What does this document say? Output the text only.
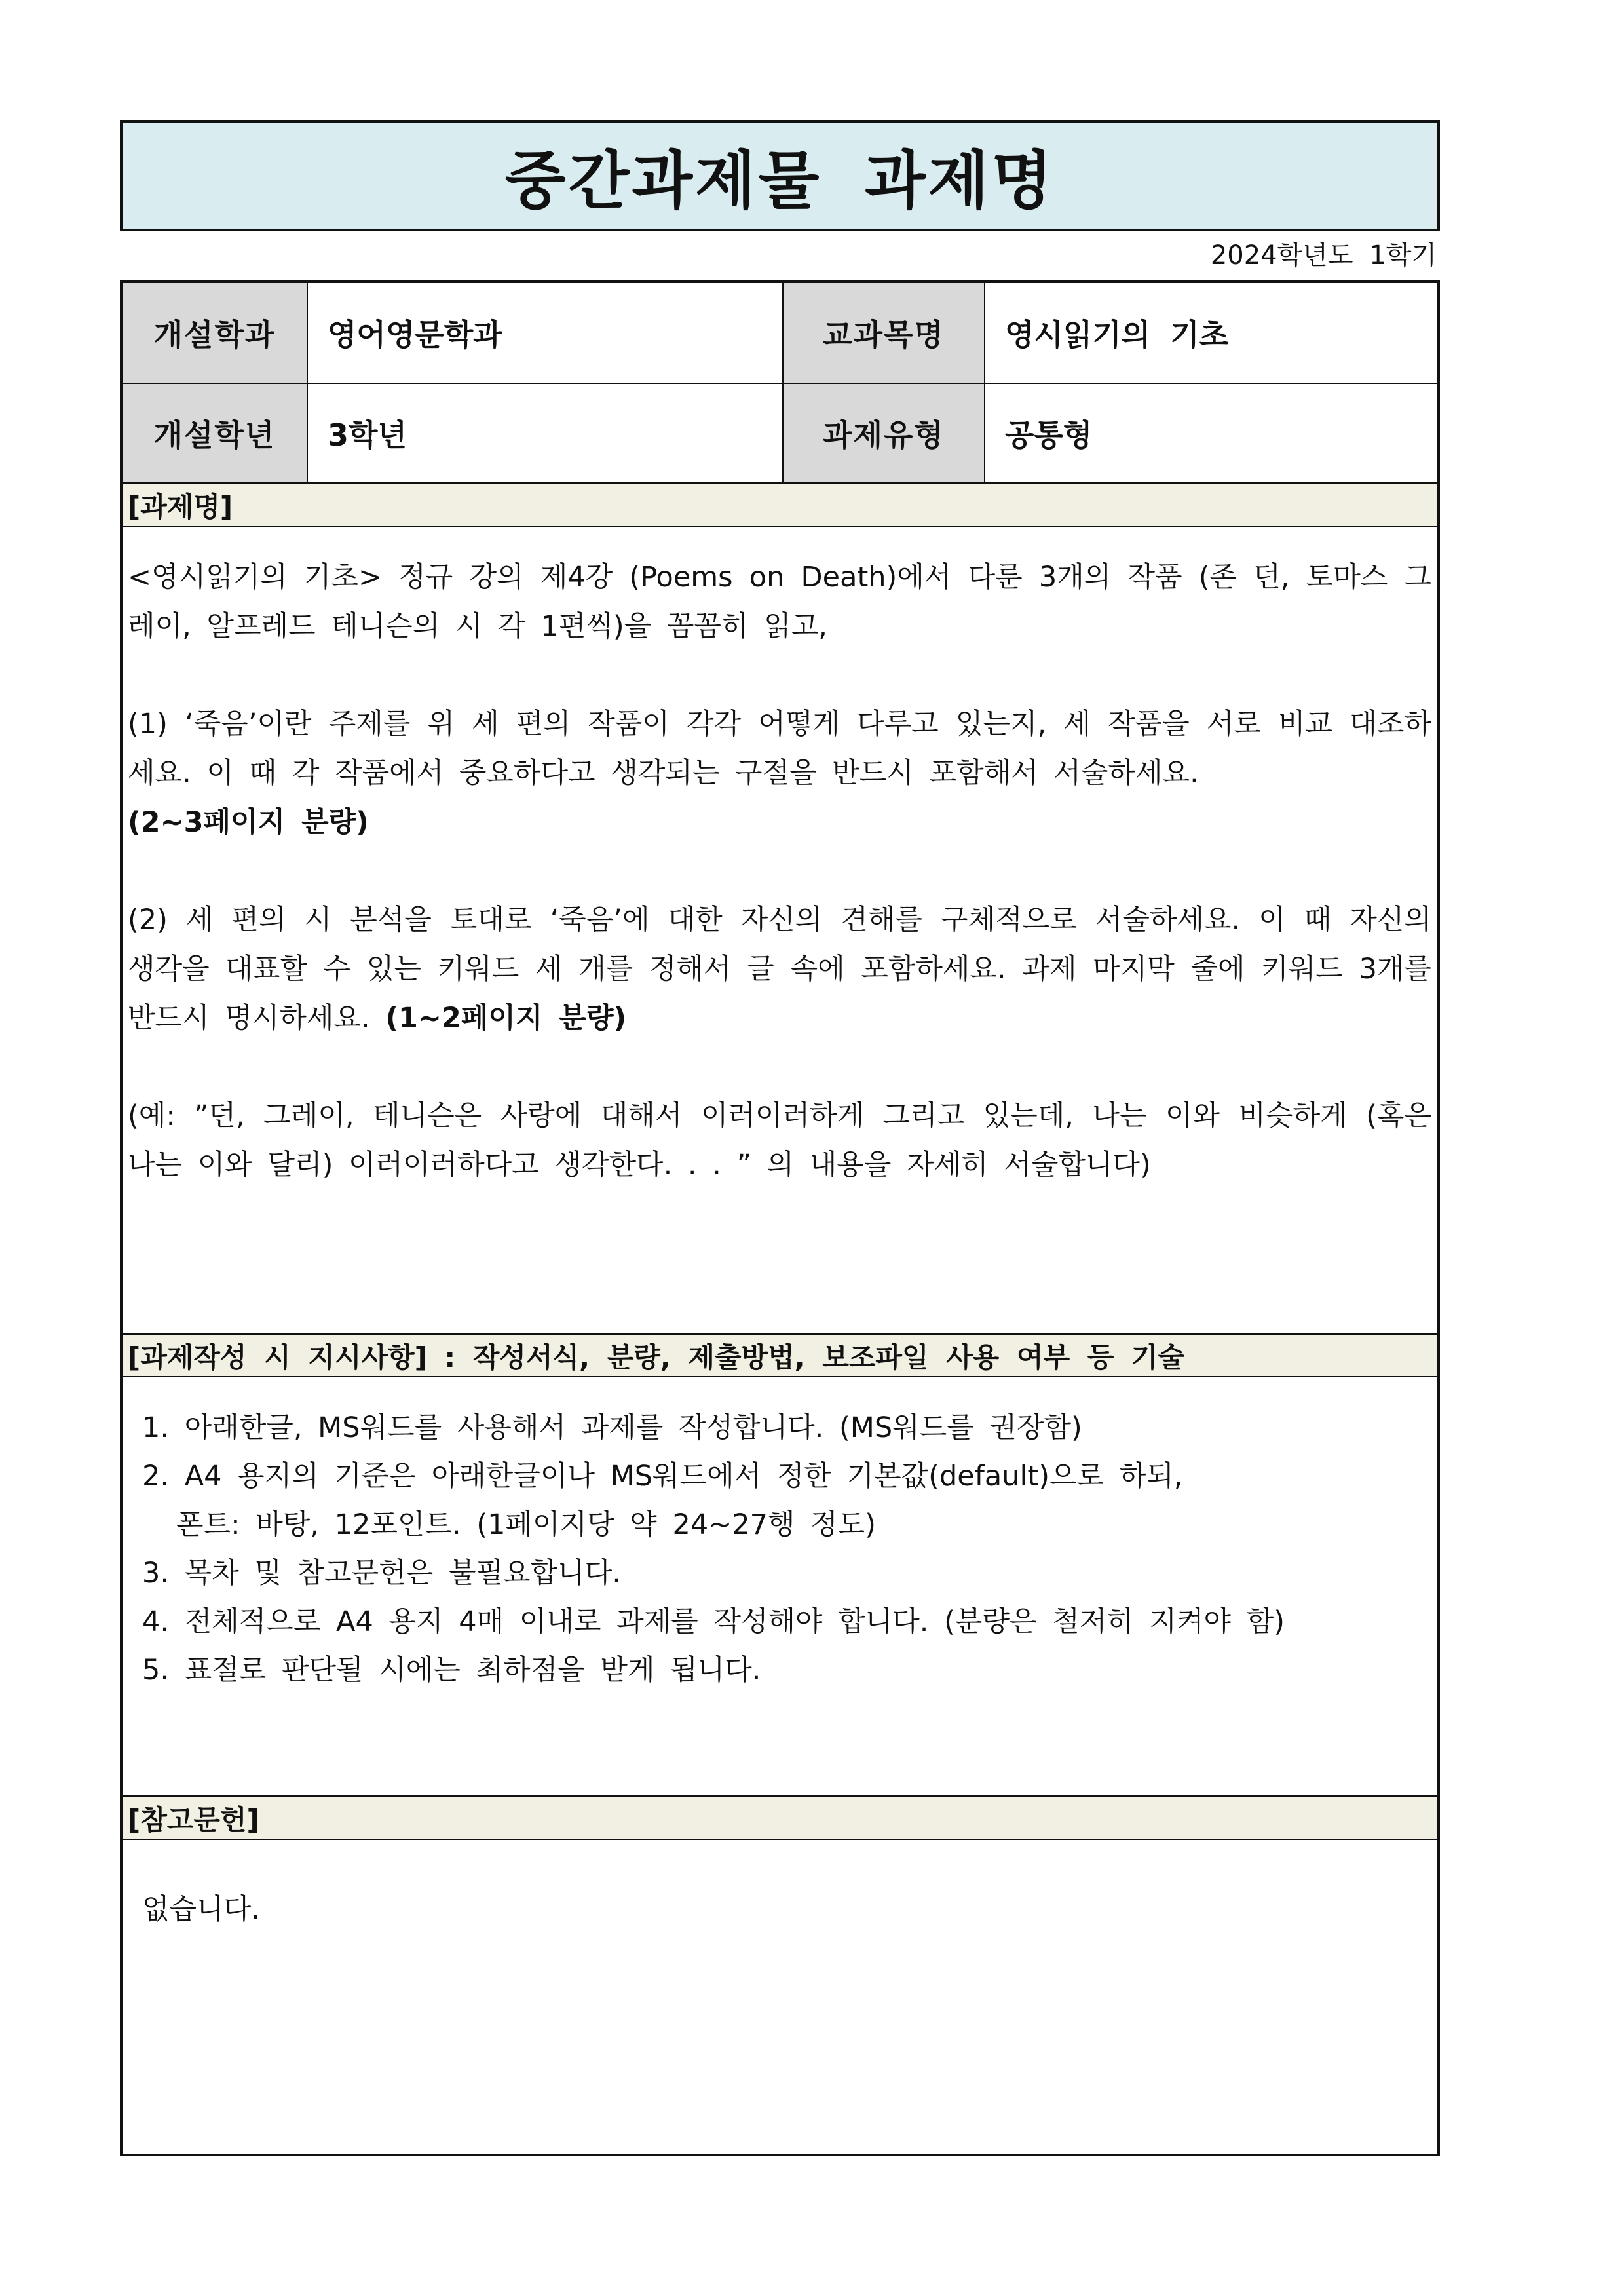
중간과제물 과제명
2024학년도 1학기
개설학과	영어영문학과	교과목명	영시읽기의 기초
개설학년	3학년	과제유형	공통형
[과제명]

<영시읽기의 기초> 정규 강의 제4강 (Poems on Death)에서 다룬 3개의 작품 (존 던, 토마스 그레이, 알프레드 테니슨의 시 각 1편씩)을 꼼꼼히 읽고,

(1) ‘죽음’이란 주제를 위 세 편의 작품이 각각 어떻게 다루고 있는지, 세 작품을 서로 비교 대조하세요. 이 때 각 작품에서 중요하다고 생각되는 구절을 반드시 포함해서 서술하세요.

(2~3페이지 분량)

(2) 세 편의 시 분석을 토대로 ‘죽음’에 대한 자신의 견해를 구체적으로 서술하세요. 이 때 자신의 생각을 대표할 수 있는 키워드 세 개를 정해서 글 속에 포함하세요. 과제 마지막 줄에 키워드 3개를 반드시 명시하세요. (1~2페이지 분량)

(예: ”던, 그레이, 테니슨은 사랑에 대해서 이러이러하게 그리고 있는데, 나는 이와 비슷하게 (혹은 나는 이와 달리) 이러이러하다고 생각한다. . . ” 의 내용을 자세히 서술합니다)

[과제작성 시 지시사항] : 작성서식, 분량, 제출방법, 보조파일 사용 여부 등 기술
1. 아래한글, MS워드를 사용해서 과제를 작성합니다. (MS워드를 권장함)
2. A4 용지의 기준은 아래한글이나 MS워드에서 정한 기본값(default)으로 하되,
폰트: 바탕, 12포인트. (1페이지당 약 24~27행 정도)
3. 목차 및 참고문헌은 불필요합니다.
4. 전체적으로 A4 용지 4매 이내로 과제를 작성해야 합니다. (분량은 철저히 지켜야 함)
5. 표절로 판단될 시에는 최하점을 받게 됩니다.
[참고문헌]
없습니다.
